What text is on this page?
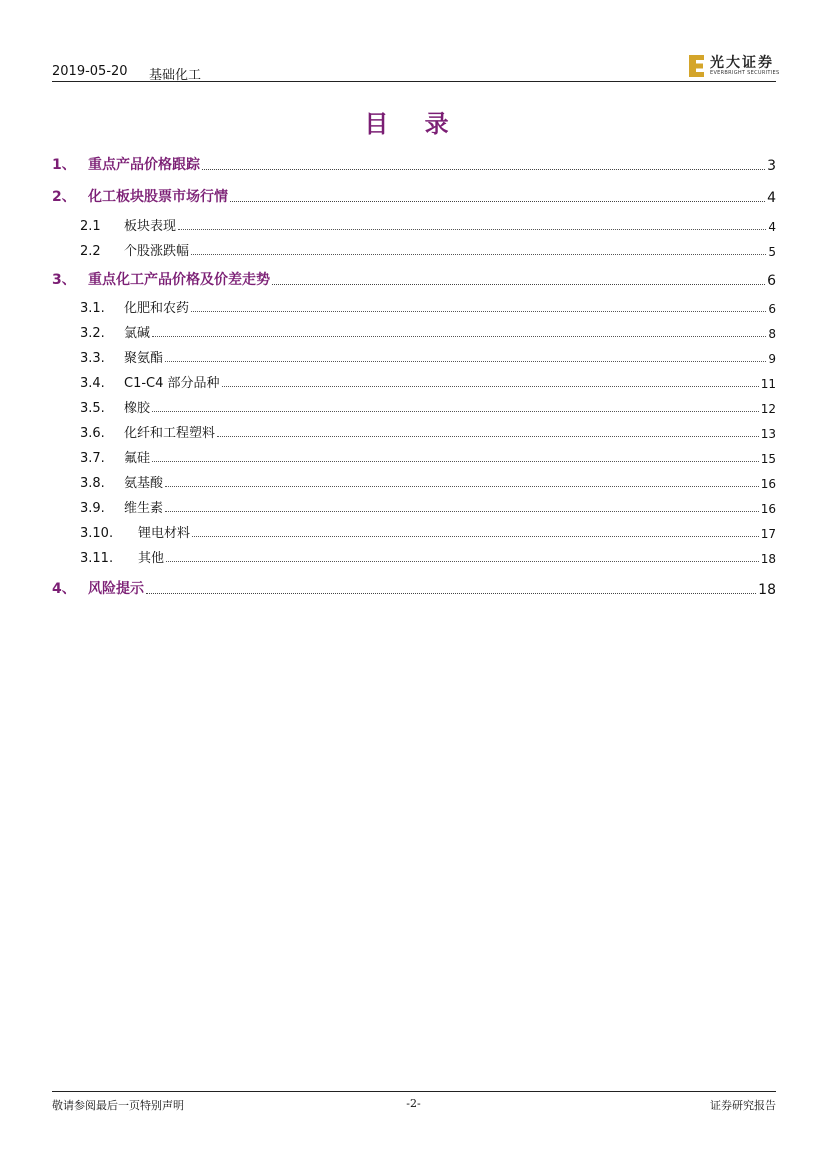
2019-05-20 基础化工
光大证券
EVERBRIGHT SECURITIES
目 录
1、 重点产品价格跟踪	3
2、 化工板块股票市场行情	4
2.1	板块表现	4
2.2	个股涨跌幅	5
3、 重点化工产品价格及价差走势	6
3.1.	化肥和农药	6
3.2.	氯碱	8
3.3.	聚氨酯	9
3.4.	C1-C4 部分品种	11
3.5.	橡胶	12
3.6.	化纤和工程塑料	13
3.7.	氟硅	15
3.8.	氨基酸	16
3.9.	维生素	16
3.10.	锂电材料	17
3.11.	其他	18
4、 风险提示	18
敬请参阅最后一页特别声明	-2-	证券研究报告
